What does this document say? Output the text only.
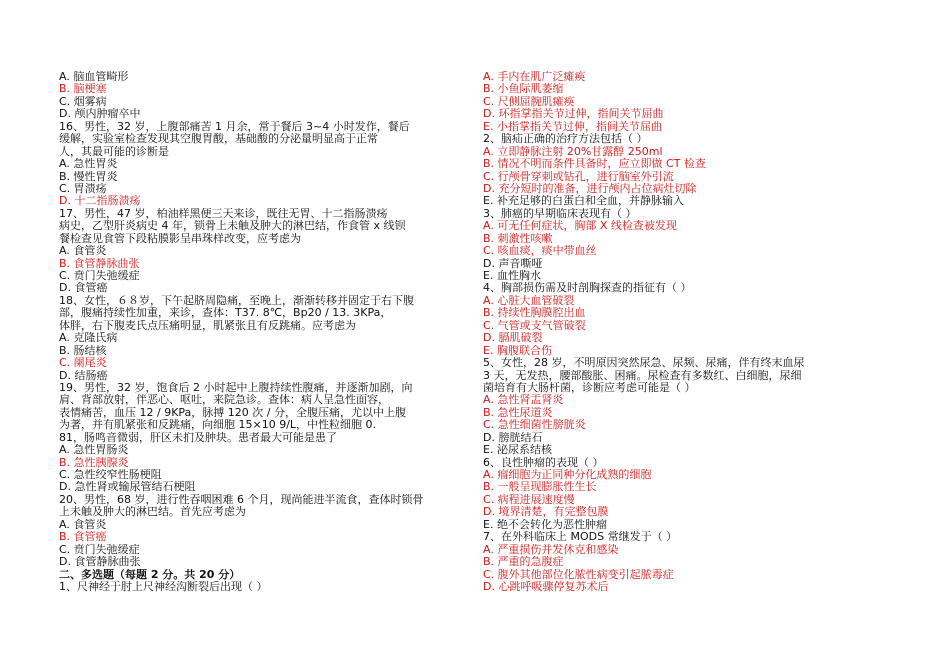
A. 脑血管畸形
B. 脑梗塞
C. 烟雾病
D. 颅内肿瘤卒中
16、男性，32 岁，上腹部痛苦 1 月余，常于餐后 3~4 小时发作，餐后
缓解，实验室检查发现其空腹胃酸，基础酸的分泌量明显高于正常
人，其最可能的诊断是
A. 急性胃炎
B. 慢性胃炎
C. 胃溃疡
D. 十二指肠溃疡
17、男性，47 岁，柏油样黑便三天来诊，既往无胃、十二指肠溃疡
病史，乙型肝炎病史 4 年，锁骨上未触及肿大的淋巴结，作食管 x 线钡
餐检查见食管下段粘膜影呈串珠样改变，应考虑为
A. 食管炎
B. 食管静脉曲张
C. 贲门失弛缓症
D. 食管癌
18、女性，６８岁，下午起脐周隐痛，至晚上，渐渐转移并固定于右下腹
部，腹痛持续性加重，来诊，查体：T37. 8℃，Bp20 / 13. 3KPa，
体胖，右下腹麦氏点压痛明显，肌紧张且有反跳痛。应考虑为
A. 克隆氏病
B. 肠结核
C. 阑尾炎
D. 结肠癌
19、男性，32 岁，饱食后 2 小时起中上腹持续性腹痛，并逐渐加剧，向
肩、背部放射，伴恶心、呕吐，来院急诊。查体：病人呈急性面容，
表情痛苦，血压 12 / 9KPa，脉搏 120 次 / 分，全腹压痛，尤以中上腹
为著，并有肌紧张和反跳痛，向细胞 15×10 9/L，中性粒细胞 0.
81，肠鸣音微弱，肝区未扪及肿块。患者最大可能是患了
A. 急性胃肠炎
B. 急性胰腺炎
C. 急性绞窄性肠梗阻
D. 急性肾或输尿管结石梗阻
20、男性，68 岁，进行性吞咽困难 6 个月，现尚能进半流食，查体时锁骨
上未触及肿大的淋巴结。首先应考虑为
A. 食管炎
B. 食管癌
C. 贲门失弛缓症
D. 食管静脉曲张
二、多选题（每题 2 分。共 20 分）
1、尺神经于肘上尺神经沟断裂后出现（ ）
A. 手内在肌广泛瘫痪
B. 小鱼际肌萎缩
C. 尺侧屈腕肌瘫痪
D. 环指掌指关节过伸，指间关节屈曲
E. 小指掌指关节过伸，指间关节屈曲
2、脑疝正确的治疗方法包括（ ）
A. 立即静脉注射 20%甘露醇 250ml
B. 情况不明而条件具备时，应立即做 CT 检查
C. 行颅骨穿刺或钻孔，进行脑室外引流
D. 充分短时的准备，进行颅内占位病灶切除
E. 补充足够的白蛋白和全血，并静脉输入
3、肺癌的早期临床表现有（ ）
A. 可无任何症状，胸部 X 线检查被发现
B. 刺激性咳嗽
C. 咳血痰，痰中带血丝
D. 声音嘶哑
E. 血性胸水
4、胸部损伤需及时剖胸探查的指征有（ ）
A. 心脏大血管破裂
B. 持续性胸膜腔出血
C. 气管或支气管破裂
D. 膈肌破裂
E. 胸腹联合伤
5、女性，28 岁，不明原因突然尿急、尿频、尿痛，伴有终末血尿
3 天，无发热，腰部酸胀、困痛。尿检查有多数红、白细胞，尿细
菌培育有大肠杆菌，诊断应考虑可能是（ ）
A. 急性肾盂肾炎
B. 急性尿道炎
C. 急性细菌性膀胱炎
D. 膀胱结石
E. 泌尿系结核
6、良性肿瘤的表现（ ）
A. 瘤细胞为正同种分化成熟的细胞
B. 一般呈现膨胀性生长
C. 病程进展速度慢
D. 境界清楚，有完整包膜
E. 绝不会转化为恶性肿瘤
7、在外科临床上 MODS 常继发于（ ）
A. 严重损伤并发休克和感染
B. 严重的急腹症
C. 腹外其他部位化脓性病变引起脓毒症
D. 心跳呼吸骤停复苏术后
